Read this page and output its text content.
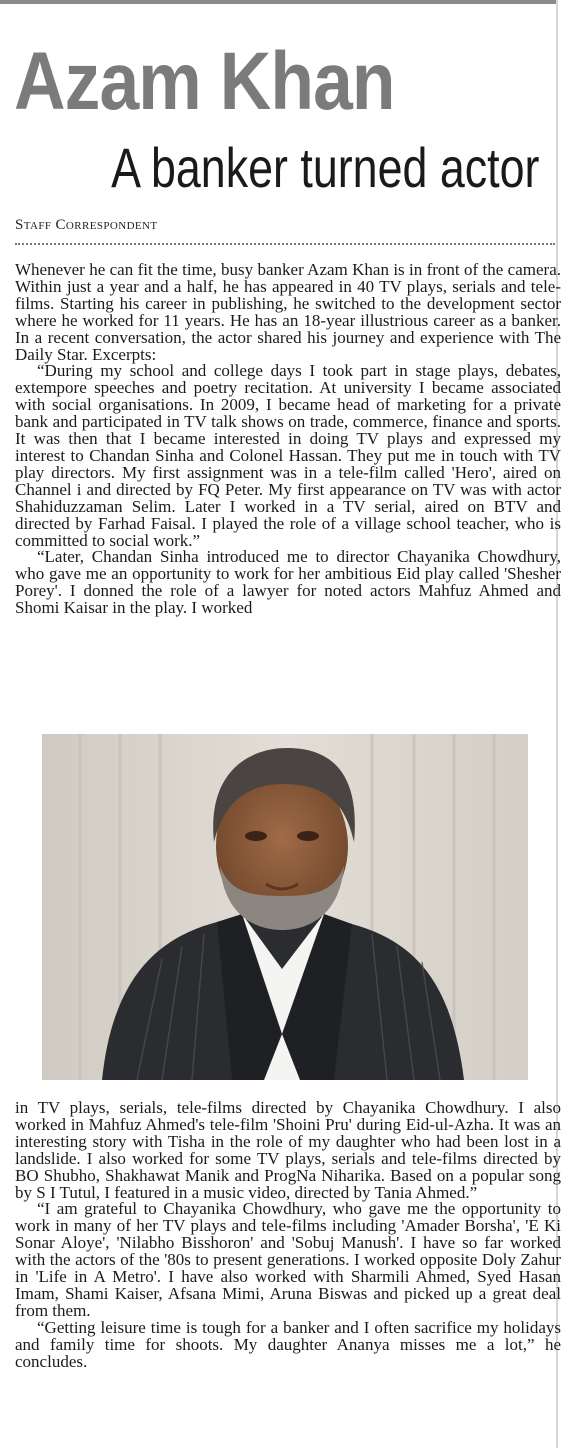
Azam Khan
A banker turned actor
Staff Correspondent

Whenever he can fit the time, busy banker Azam Khan is in front of the camera. Within just a year and a half, he has appeared in 40 TV plays, serials and tele-films. Starting his career in publishing, he switched to the development sector where he worked for 11 years. He has an 18-year illustrious career as a banker. In a recent conversation, the actor shared his journey and experience with The Daily Star. Excerpts:

“During my school and college days I took part in stage plays, debates, extempore speeches and poetry recitation. At university I became associated with social organisations. In 2009, I became head of marketing for a private bank and participated in TV talk shows on trade, commerce, finance and sports. It was then that I became interested in doing TV plays and expressed my interest to Chandan Sinha and Colonel Hassan. They put me in touch with TV play directors. My first assignment was in a tele-film called 'Hero', aired on Channel i and directed by FQ Peter. My first appearance on TV was with actor Shahiduzzaman Selim. Later I worked in a TV serial, aired on BTV and directed by Farhad Faisal. I played the role of a village school teacher, who is committed to social work.”

“Later, Chandan Sinha introduced me to director Chayanika Chowdhury, who gave me an opportunity to work for her ambitious Eid play called 'Shesher Porey'. I donned the role of a lawyer for noted actors Mahfuz Ahmed and Shomi Kaisar in the play. I worked

in TV plays, serials, tele-films directed by Chayanika Chowdhury. I also worked in Mahfuz Ahmed's tele-film 'Shoini Pru' during Eid-ul-Azha. It was an interesting story with Tisha in the role of my daughter who had been lost in a landslide. I also worked for some TV plays, serials and tele-films directed by BO Shubho, Shakhawat Manik and ProgNa Niharika. Based on a popular song by S I Tutul, I featured in a music video, directed by Tania Ahmed.”

“I am grateful to Chayanika Chowdhury, who gave me the opportunity to work in many of her TV plays and tele-films including 'Amader Borsha', 'E Ki Sonar Aloye', 'Nilabho Bisshoron' and 'Sobuj Manush'. I have so far worked with the actors of the '80s to present generations. I worked opposite Doly Zahur in 'Life in A Metro'. I have also worked with Sharmili Ahmed, Syed Hasan Imam, Shami Kaiser, Afsana Mimi, Aruna Biswas and picked up a great deal from them.

“Getting leisure time is tough for a banker and I often sacrifice my holidays and family time for shoots. My daughter Ananya misses me a lot,” he concludes.
